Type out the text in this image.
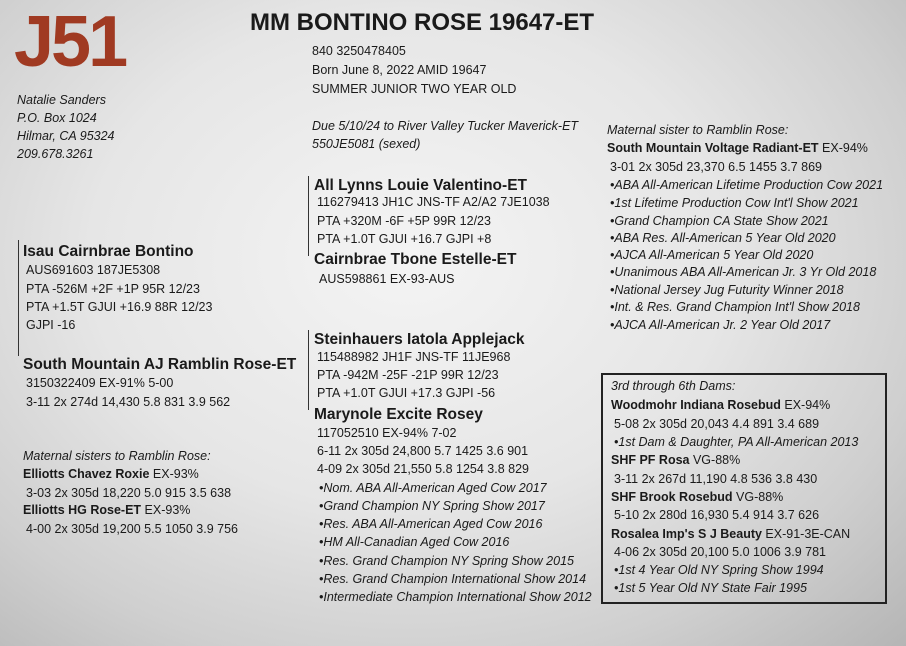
J51	MM BONTINO ROSE 19647-ET
840 3250478405
Born June 8, 2022 AMID 19647
SUMMER JUNIOR TWO YEAR OLD
Natalie Sanders
P.O. Box 1024
Hilmar, CA 95324
209.678.3261
Due 5/10/24 to River Valley Tucker Maverick-ET
550JE5081 (sexed)
Isau Cairnbrae Bontino
AUS691603 187JE5308
PTA -526M +2F +1P 95R 12/23
PTA +1.5T GJUI +16.9 88R 12/23
GJPI -16
South Mountain AJ Ramblin Rose-ET
3150322409 EX-91% 5-00
3-11 2x 274d 14,430 5.8 831 3.9 562
Maternal sisters to Ramblin Rose:
Elliotts Chavez Roxie EX-93%
3-03 2x 305d 18,220 5.0 915 3.5 638
Elliotts HG Rose-ET EX-93%
4-00 2x 305d 19,200 5.5 1050 3.9 756
All Lynns Louie Valentino-ET
116279413 JH1C JNS-TF A2/A2 7JE1038
PTA +320M -6F +5P 99R 12/23
PTA +1.0T GJUI +16.7 GJPI +8
Cairnbrae Tbone Estelle-ET
AUS598861 EX-93-AUS
Steinhauers Iatola Applejack
115488982 JH1F JNS-TF 11JE968
PTA -942M -25F -21P 99R 12/23
PTA +1.0T GJUI +17.3 GJPI -56
Marynole Excite Rosey
117052510 EX-94% 7-02
6-11 2x 305d 24,800 5.7 1425 3.6 901
4-09 2x 305d 21,550 5.8 1254 3.8 829
•Nom. ABA All-American Aged Cow 2017
•Grand Champion NY Spring Show 2017
•Res. ABA All-American Aged Cow 2016
•HM All-Canadian Aged Cow 2016
•Res. Grand Champion NY Spring Show 2015
•Res. Grand Champion International Show 2014
•Intermediate Champion International Show 2012
Maternal sister to Ramblin Rose:
South Mountain Voltage Radiant-ET EX-94%
3-01 2x 305d 23,370 6.5 1455 3.7 869
•ABA All-American Lifetime Production Cow 2021
•1st Lifetime Production Cow Int'l Show 2021
•Grand Champion CA State Show 2021
•ABA Res. All-American 5 Year Old 2020
•AJCA All-American 5 Year Old 2020
•Unanimous ABA All-American Jr. 3 Yr Old 2018
•National Jersey Jug Futurity Winner 2018
•Int. & Res. Grand Champion Int'l Show 2018
•AJCA All-American Jr. 2 Year Old 2017
3rd through 6th Dams:
Woodmohr Indiana Rosebud EX-94%
5-08 2x 305d 20,043 4.4 891 3.4 689
•1st Dam & Daughter, PA All-American 2013
SHF PF Rosa VG-88%
3-11 2x 267d 11,190 4.8 536 3.8 430
SHF Brook Rosebud VG-88%
5-10 2x 280d 16,930 5.4 914 3.7 626
Rosalea Imp's S J Beauty EX-91-3E-CAN
4-06 2x 305d 20,100 5.0 1006 3.9 781
•1st 4 Year Old NY Spring Show 1994
•1st 5 Year Old NY State Fair 1995
